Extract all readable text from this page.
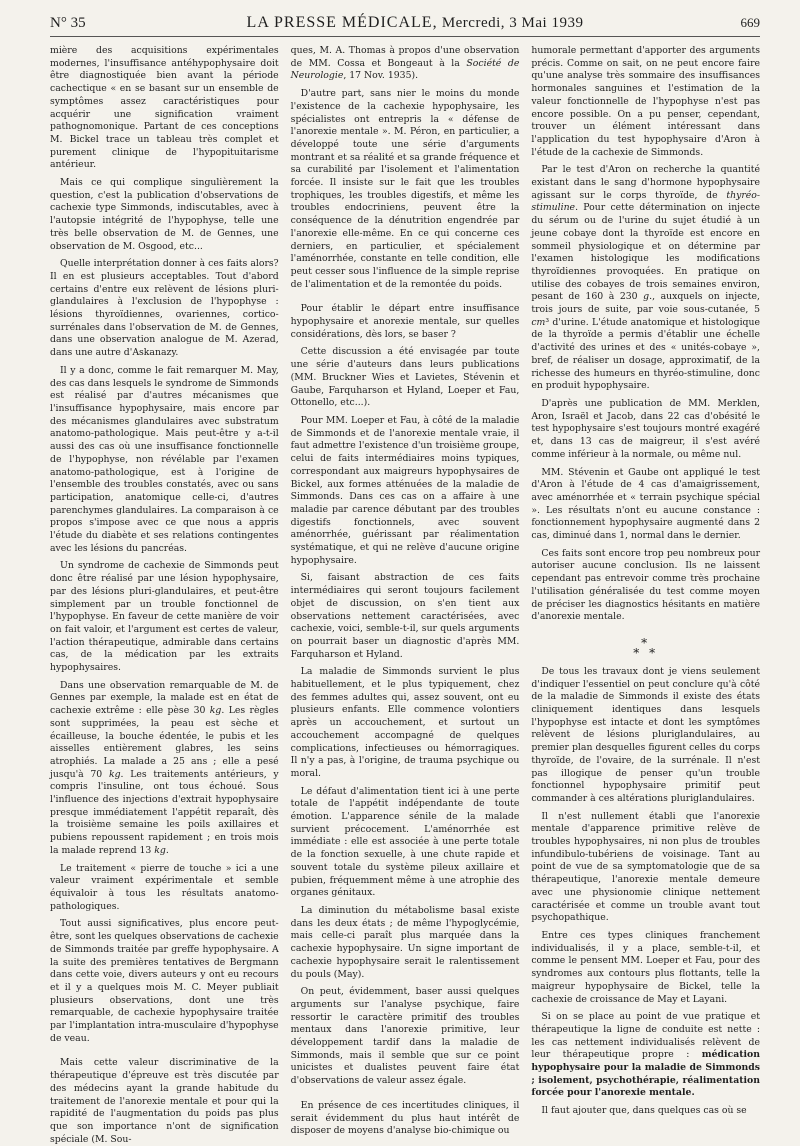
N° 35	LA PRESSE MÉDICALE, Mercredi, 3 Mai 1939	669

mière des acquisitions expérimentales modernes, l'insuffisance antéhypophysaire doit être diagnostiquée bien avant la période cachectique « en se basant sur un ensemble de symptômes assez caractéristiques pour acquérir une signification vraiment pathognomonique. Partant de ces conceptions M. Bickel trace un tableau très complet et purement clinique de l'hypopituitarisme antérieur.

Mais ce qui complique singulièrement la question, c'est la publication d'observations de cachexie type Simmonds, indiscutables, avec à l'autopsie intégrité de l'hypophyse, telle une très belle observation de M. de Gennes, une observation de M. Osgood, etc...

Quelle interprétation donner à ces faits alors? Il en est plusieurs acceptables. Tout d'abord certains d'entre eux relèvent de lésions pluri-glandulaires à l'exclusion de l'hypophyse : lésions thyroïdiennes, ovariennes, cortico-surrénales dans l'observation de M. de Gennes, dans une observation analogue de M. Azerad, dans une autre d'Askanazy.

Il y a donc, comme le fait remarquer M. May, des cas dans lesquels le syndrome de Simmonds est réalisé par d'autres mécanismes que l'insuffisance hypophysaire, mais encore par des mécanismes glandulaires avec substratum anatomo-pathologique. Mais peut-être y a-t-il aussi des cas où une insuffisance fonctionnelle de l'hypophyse, non révélable par l'examen anatomo-pathologique, est à l'origine de l'ensemble des troubles constatés, avec ou sans participation, anatomique celle-ci, d'autres parenchymes glandulaires. La comparaison à ce propos s'impose avec ce que nous a appris l'étude du diabète et ses relations contingentes avec les lésions du pancréas.

Un syndrome de cachexie de Simmonds peut donc être réalisé par une lésion hypophysaire, par des lésions pluri-glandulaires, et peut-être simplement par un trouble fonctionnel de l'hypophyse. En faveur de cette manière de voir on fait valoir, et l'argument est certes de valeur, l'action thérapeutique, admirable dans certains cas, de la médication par les extraits hypophysaires.

Dans une observation remarquable de M. de Gennes par exemple, la malade est en état de cachexie extrême : elle pèse 30 kg. Les règles sont supprimées, la peau est sèche et écailleuse, la bouche édentée, le pubis et les aisselles entièrement glabres, les seins atrophiés. La malade a 25 ans ; elle a pesé jusqu'à 70 kg. Les traitements antérieurs, y compris l'insuline, ont tous échoué. Sous l'influence des injections d'extrait hypophysaire presque immédiatement l'appétit reparaît, dès la troisième semaine les poils axillaires et pubiens repoussent rapidement ; en trois mois la malade reprend 13 kg.

Le traitement « pierre de touche » ici a une valeur vraiment expérimentale et semble équivaloir à tous les résultats anatomo-pathologiques.

Tout aussi significatives, plus encore peut-être, sont les quelques observations de cachexie de Simmonds traitée par greffe hypophysaire. A la suite des premières tentatives de Bergmann dans cette voie, divers auteurs y ont eu recours et il y a quelques mois M. C. Meyer publiait plusieurs observations, dont une très remarquable, de cachexie hypophysaire traitée par l'implantation intra-musculaire d'hypophyse de veau.

Mais cette valeur discriminative de la thérapeutique d'épreuve est très discutée par des médecins ayant la grande habitude du traitement de l'anorexie mentale et pour qui la rapidité de l'augmentation du poids pas plus que son importance n'ont de signification spéciale (M. Sou-

ques, M. A. Thomas à propos d'une observation de MM. Cossa et Bongeaut à la Société de Neurologie, 17 Nov. 1935).

D'autre part, sans nier le moins du monde l'existence de la cachexie hypophysaire, les spécialistes ont entrepris la « défense de l'anorexie mentale ». M. Péron, en particulier, a développé toute une série d'arguments montrant et sa réalité et sa grande fréquence et sa curabilité par l'isolement et l'alimentation forcée. Il insiste sur le fait que les troubles trophiques, les troubles digestifs, et même les troubles endocriniens, peuvent être la conséquence de la dénutrition engendrée par l'anorexie elle-même. En ce qui concerne ces derniers, en particulier, et spécialement l'aménorrhée, constante en telle condition, elle peut cesser sous l'influence de la simple reprise de l'alimentation et de la remontée du poids.

Pour établir le départ entre insuffisance hypophysaire et anorexie mentale, sur quelles considérations, dès lors, se baser ?

Cette discussion a été envisagée par toute une série d'auteurs dans leurs publications (MM. Bruckner Wies et Lavietes, Stévenin et Gaube, Farquharson et Hyland, Loeper et Fau, Ottonello, etc...).

Pour MM. Loeper et Fau, à côté de la maladie de Simmonds et de l'anorexie mentale vraie, il faut admettre l'existence d'un troisième groupe, celui de faits intermédiaires moins typiques, correspondant aux maigreurs hypophysaires de Bickel, aux formes atténuées de la maladie de Simmonds. Dans ces cas on a affaire à une maladie par carence débutant par des troubles digestifs fonctionnels, avec souvent aménorrhée, guérissant par réalimentation systématique, et qui ne relève d'aucune origine hypophysaire.

Si, faisant abstraction de ces faits intermédiaires qui seront toujours facilement objet de discussion, on s'en tient aux observations nettement caractérisées, avec cachexie, voici, semble-t-il, sur quels arguments on pourrait baser un diagnostic d'après MM. Farquharson et Hyland.

La maladie de Simmonds survient le plus habituellement, et le plus typiquement, chez des femmes adultes qui, assez souvent, ont eu plusieurs enfants. Elle commence volontiers après un accouchement, et surtout un accouchement accompagné de quelques complications, infectieuses ou hémorragiques. Il n'y a pas, à l'origine, de trauma psychique ou moral.

Le défaut d'alimentation tient ici à une perte totale de l'appétit indépendante de toute émotion. L'apparence sénile de la malade survient précocement. L'aménorrhée est immédiate : elle est associée à une perte totale de la fonction sexuelle, à une chute rapide et souvent totale du système pileux axillaire et pubien, fréquemment même à une atrophie des organes génitaux.

La diminution du métabolisme basal existe dans les deux états ; de même l'hypoglycémie, mais celle-ci paraît plus marquée dans la cachexie hypophysaire. Un signe important de cachexie hypophysaire serait le ralentissement du pouls (May).

On peut, évidemment, baser aussi quelques arguments sur l'analyse psychique, faire ressortir le caractère primitif des troubles mentaux dans l'anorexie primitive, leur développement tardif dans la maladie de Simmonds, mais il semble que sur ce point unicistes et dualistes peuvent faire état d'observations de valeur assez égale.

En présence de ces incertitudes cliniques, il serait évidemment du plus haut intérêt de disposer de moyens d'analyse bio-chimique ou

humorale permettant d'apporter des arguments précis. Comme on sait, on ne peut encore faire qu'une analyse très sommaire des insuffisances hormonales sanguines et l'estimation de la valeur fonctionnelle de l'hypophyse n'est pas encore possible. On a pu penser, cependant, trouver un élément intéressant dans l'application du test hypophysaire d'Aron à l'étude de la cachexie de Simmonds.

Par le test d'Aron on recherche la quantité existant dans le sang d'hormone hypophysaire agissant sur le corps thyroïde, de thyréo-stimuline. Pour cette détermination on injecte du sérum ou de l'urine du sujet étudié à un jeune cobaye dont la thyroïde est encore en sommeil physiologique et on détermine par l'examen histologique les modifications thyroïdiennes provoquées. En pratique on utilise des cobayes de trois semaines environ, pesant de 160 à 230 g., auxquels on injecte, trois jours de suite, par voie sous-cutanée, 5 cm³ d'urine. L'étude anatomique et histologique de la thyroïde a permis d'établir une échelle d'activité des urines et des « unités-cobaye », bref, de réaliser un dosage, approximatif, de la richesse des humeurs en thyréo-stimuline, donc en produit hypophysaire.

D'après une publication de MM. Merklen, Aron, Israël et Jacob, dans 22 cas d'obésité le test hypophysaire s'est toujours montré exagéré et, dans 13 cas de maigreur, il s'est avéré comme inférieur à la normale, ou même nul.

MM. Stévenin et Gaube ont appliqué le test d'Aron à l'étude de 4 cas d'amaigrissement, avec aménorrhée et « terrain psychique spécial ». Les résultats n'ont eu aucune constance : fonctionnement hypophysaire augmenté dans 2 cas, diminué dans 1, normal dans le dernier.

Ces faits sont encore trop peu nombreux pour autoriser aucune conclusion. Ils ne laissent cependant pas entrevoir comme très prochaine l'utilisation généralisée du test comme moyen de préciser les diagnostics hésitants en matière d'anorexie mentale.

*
* *

De tous les travaux dont je viens seulement d'indiquer l'essentiel on peut conclure qu'à côté de la maladie de Simmonds il existe des états cliniquement identiques dans lesquels l'hypophyse est intacte et dont les symptômes relèvent de lésions pluriglandulaires, au premier plan desquelles figurent celles du corps thyroïde, de l'ovaire, de la surrénale. Il n'est pas illogique de penser qu'un trouble fonctionnel hypophysaire primitif peut commander à ces altérations pluriglandulaires.

Il n'est nullement établi que l'anorexie mentale d'apparence primitive relève de troubles hypophysaires, ni non plus de troubles infundibulo-tubériens de voisinage. Tant au point de vue de sa symptomatologie que de sa thérapeutique, l'anorexie mentale demeure avec une physionomie clinique nettement caractérisée et comme un trouble avant tout psychopathique.

Entre ces types cliniques franchement individualisés, il y a place, semble-t-il, et comme le pensent MM. Loeper et Fau, pour des syndromes aux contours plus flottants, telle la maigreur hypophysaire de Bickel, telle la cachexie de croissance de May et Layani.

Si on se place au point de vue pratique et thérapeutique la ligne de conduite est nette : les cas nettement individualisés relèvent de leur thérapeutique propre : médication hypophysaire pour la maladie de Simmonds ; isolement, psychothérapie, réalimentation forcée pour l'anorexie mentale.

Il faut ajouter que, dans quelques cas où se
